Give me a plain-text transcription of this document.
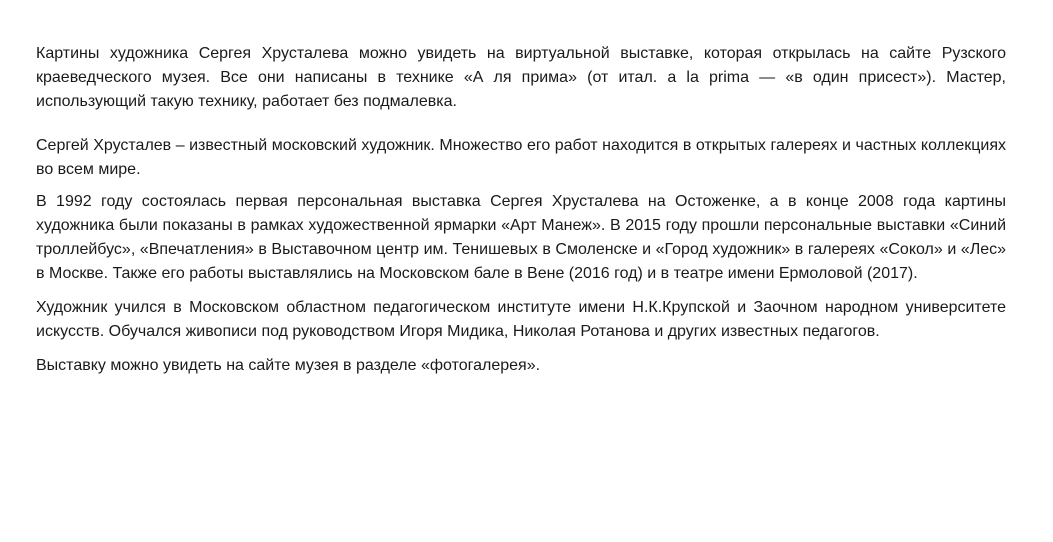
Картины художника Сергея Хрусталева можно увидеть на виртуальной выставке, которая открылась на сайте Рузского краеведческого музея. Все они написаны в технике «А ля прима» (от итал. a la prima — «в один присест»). Мастер, использующий такую технику, работает без подмалевка.

Сергей Хрусталев – известный московский художник. Множество его работ находится в открытых галереях и частных коллекциях во всем мире.

В 1992 году состоялась первая персональная выставка Сергея Хрусталева на Остоженке, а в конце 2008 года картины художника были показаны в рамках художественной ярмарки «Арт Манеж». В 2015 году прошли персональные выставки «Синий троллейбус», «Впечатления» в Выставочном центр им. Тенишевых в Смоленске и «Город художник» в галереях «Сокол» и «Лес» в Москве. Также его работы выставлялись на Московском бале в Вене (2016 год) и в театре имени Ермоловой (2017).

Художник учился в Московском областном педагогическом институте имени Н.К.Крупской и Заочном народном университете искусств. Обучался живописи под руководством Игоря Мидика, Николая Ротанова и других известных педагогов.

Выставку можно увидеть на сайте музея в разделе «фотогалерея».
